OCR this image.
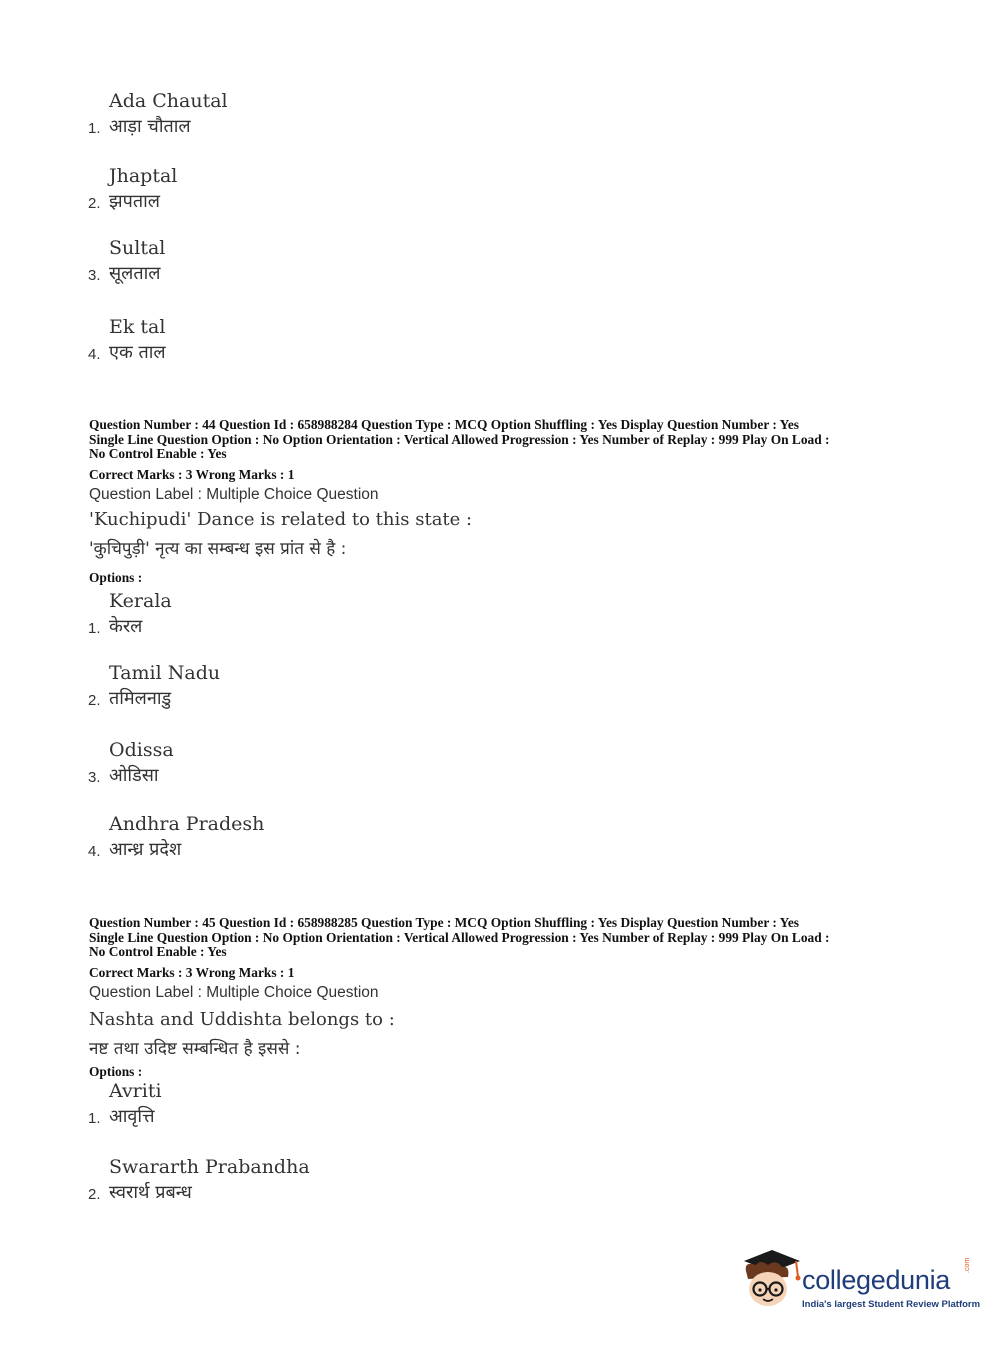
Ada Chautal
1. आड़ा चौताल
Jhaptal
2. झपताल
Sultal
3. सूलताल
Ek tal
4. एक ताल
Question Number : 44 Question Id : 658988284 Question Type : MCQ Option Shuffling : Yes Display Question Number : Yes
Single Line Question Option : No Option Orientation : Vertical Allowed Progression : Yes Number of Replay : 999 Play On Load :
No Control Enable : Yes
Correct Marks : 3 Wrong Marks : 1
Question Label : Multiple Choice Question
'Kuchipudi' Dance is related to this state :
'कुचिपुड़ी' नृत्य का सम्बन्ध इस प्रांत से है :
Options :
Kerala
1. केरल
Tamil Nadu
2. तमिलनाडु
Odissa
3. ओडिसा
Andhra Pradesh
4. आन्ध्र प्रदेश
Question Number : 45 Question Id : 658988285 Question Type : MCQ Option Shuffling : Yes Display Question Number : Yes
Single Line Question Option : No Option Orientation : Vertical Allowed Progression : Yes Number of Replay : 999 Play On Load :
No Control Enable : Yes
Correct Marks : 3 Wrong Marks : 1
Question Label : Multiple Choice Question
Nashta and Uddishta belongs to :
नष्ट तथा उदिष्ट सम्बन्धित है इससे :
Options :
Avriti
1. आवृत्ति
Swararth Prabandha
2. स्वरार्थ प्रबन्ध
collegedunia .com
India's largest Student Review Platform
